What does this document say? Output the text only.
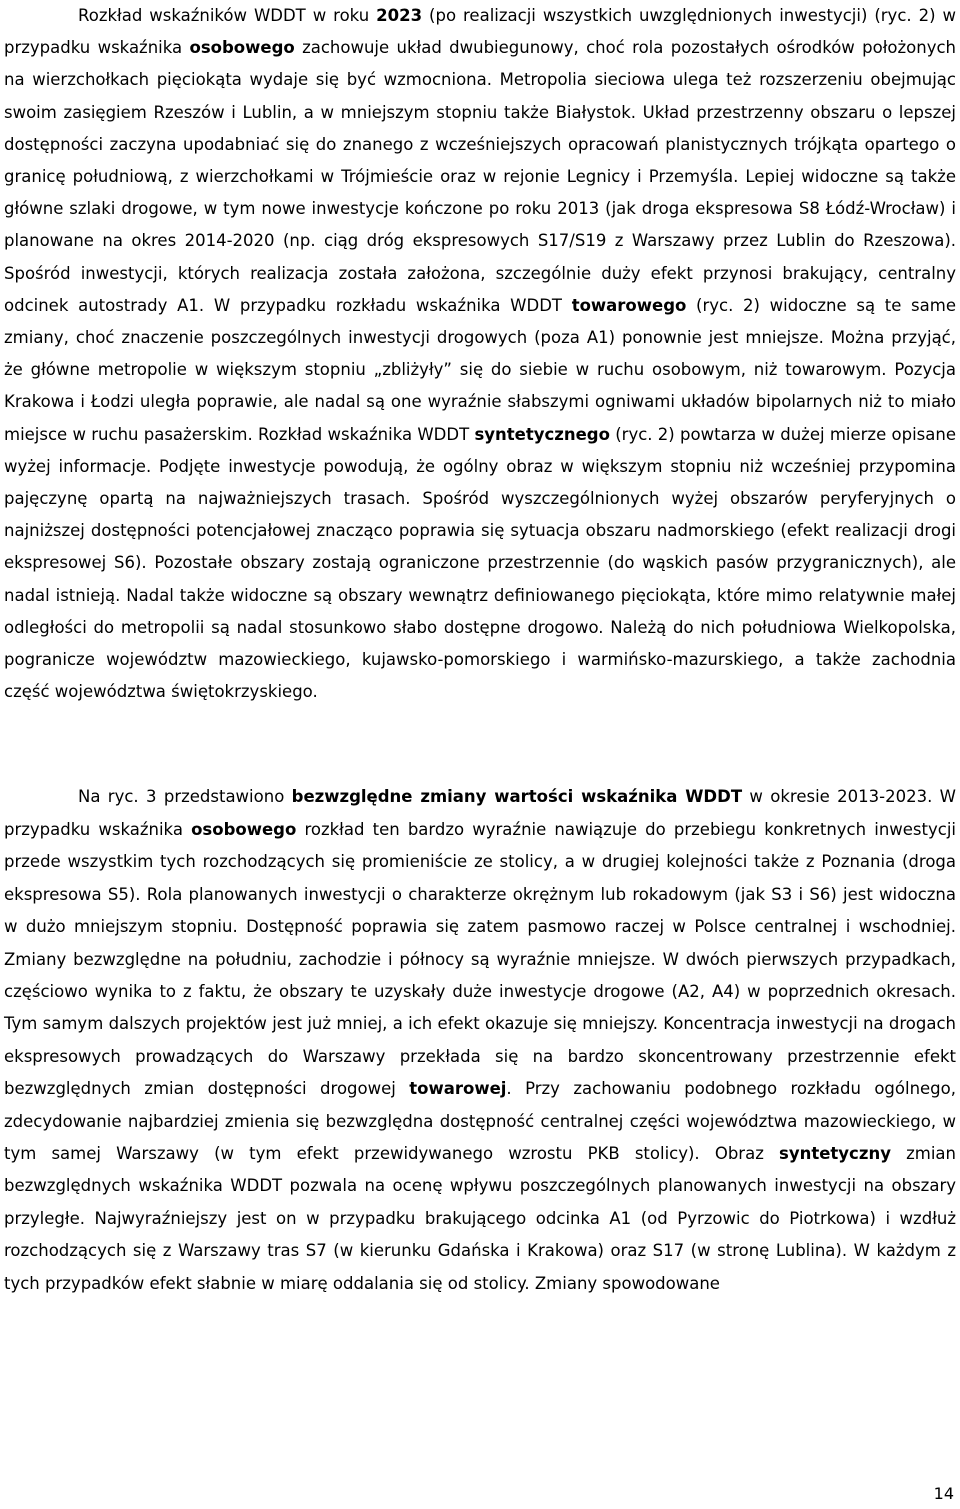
Rozkład wskaźników WDDT w roku 2023 (po realizacji wszystkich uwzględnionych inwestycji) (ryc. 2) w przypadku wskaźnika osobowego zachowuje układ dwubiegunowy, choć rola pozostałych ośrodków położonych na wierzchołkach pięciokąta wydaje się być wzmocniona. Metropolia sieciowa ulega też rozszerzeniu obejmując swoim zasięgiem Rzeszów i Lublin, a w mniejszym stopniu także Białystok. Układ przestrzenny obszaru o lepszej dostępności zaczyna upodabniać się do znanego z wcześniejszych opracowań planistycznych trójkąta opartego o granicę południową, z wierzchołkami w Trójmieście oraz w rejonie Legnicy i Przemyśla. Lepiej widoczne są także główne szlaki drogowe, w tym nowe inwestycje kończone po roku 2013 (jak droga ekspresowa S8 Łódź-Wrocław) i planowane na okres 2014-2020 (np. ciąg dróg ekspresowych S17/S19 z Warszawy przez Lublin do Rzeszowa). Spośród inwestycji, których realizacja została założona, szczególnie duży efekt przynosi brakujący, centralny odcinek autostrady A1. W przypadku rozkładu wskaźnika WDDT towarowego (ryc. 2) widoczne są te same zmiany, choć znaczenie poszczególnych inwestycji drogowych (poza A1) ponownie jest mniejsze. Można przyjąć, że główne metropolie w większym stopniu „zbliżyły” się do siebie w ruchu osobowym, niż towarowym. Pozycja Krakowa i Łodzi uległa poprawie, ale nadal są one wyraźnie słabszymi ogniwami układów bipolarnych niż to miało miejsce w ruchu pasażerskim. Rozkład wskaźnika WDDT syntetycznego (ryc. 2) powtarza w dużej mierze opisane wyżej informacje. Podjęte inwestycje powodują, że ogólny obraz w większym stopniu niż wcześniej przypomina pajęczynę opartą na najważniejszych trasach. Spośród wyszczególnionych wyżej obszarów peryferyjnych o najniższej dostępności potencjałowej znacząco poprawia się sytuacja obszaru nadmorskiego (efekt realizacji drogi ekspresowej S6). Pozostałe obszary zostają ograniczone przestrzennie (do wąskich pasów przygranicznych), ale nadal istnieją. Nadal także widoczne są obszary wewnątrz definiowanego pięciokąta, które mimo relatywnie małej odległości do metropolii są nadal stosunkowo słabo dostępne drogowo. Należą do nich południowa Wielkopolska, pogranicze województw mazowieckiego, kujawsko-pomorskiego i warmińsko-mazurskiego, a także zachodnia część województwa świętokrzyskiego.

Na ryc. 3 przedstawiono bezwzględne zmiany wartości wskaźnika WDDT w okresie 2013-2023. W przypadku wskaźnika osobowego rozkład ten bardzo wyraźnie nawiązuje do przebiegu konkretnych inwestycji przede wszystkim tych rozchodzących się promieniście ze stolicy, a w drugiej kolejności także z Poznania (droga ekspresowa S5). Rola planowanych inwestycji o charakterze okrężnym lub rokadowym (jak S3 i S6) jest widoczna w dużo mniejszym stopniu. Dostępność poprawia się zatem pasmowo raczej w Polsce centralnej i wschodniej. Zmiany bezwzględne na południu, zachodzie i północy są wyraźnie mniejsze. W dwóch pierwszych przypadkach, częściowo wynika to z faktu, że obszary te uzyskały duże inwestycje drogowe (A2, A4) w poprzednich okresach. Tym samym dalszych projektów jest już mniej, a ich efekt okazuje się mniejszy. Koncentracja inwestycji na drogach ekspresowych prowadzących do Warszawy przekłada się na bardzo skoncentrowany przestrzennie efekt bezwzględnych zmian dostępności drogowej towarowej. Przy zachowaniu podobnego rozkładu ogólnego, zdecydowanie najbardziej zmienia się bezwzględna dostępność centralnej części województwa mazowieckiego, w tym samej Warszawy (w tym efekt przewidywanego wzrostu PKB stolicy). Obraz syntetyczny zmian bezwzględnych wskaźnika WDDT pozwala na ocenę wpływu poszczególnych planowanych inwestycji na obszary przyległe. Najwyraźniejszy jest on w przypadku brakującego odcinka A1 (od Pyrzowic do Piotrkowa) i wzdłuż rozchodzących się z Warszawy tras S7 (w kierunku Gdańska i Krakowa) oraz S17 (w stronę Lublina). W każdym z tych przypadków efekt słabnie w miarę oddalania się od stolicy. Zmiany spowodowane

14
